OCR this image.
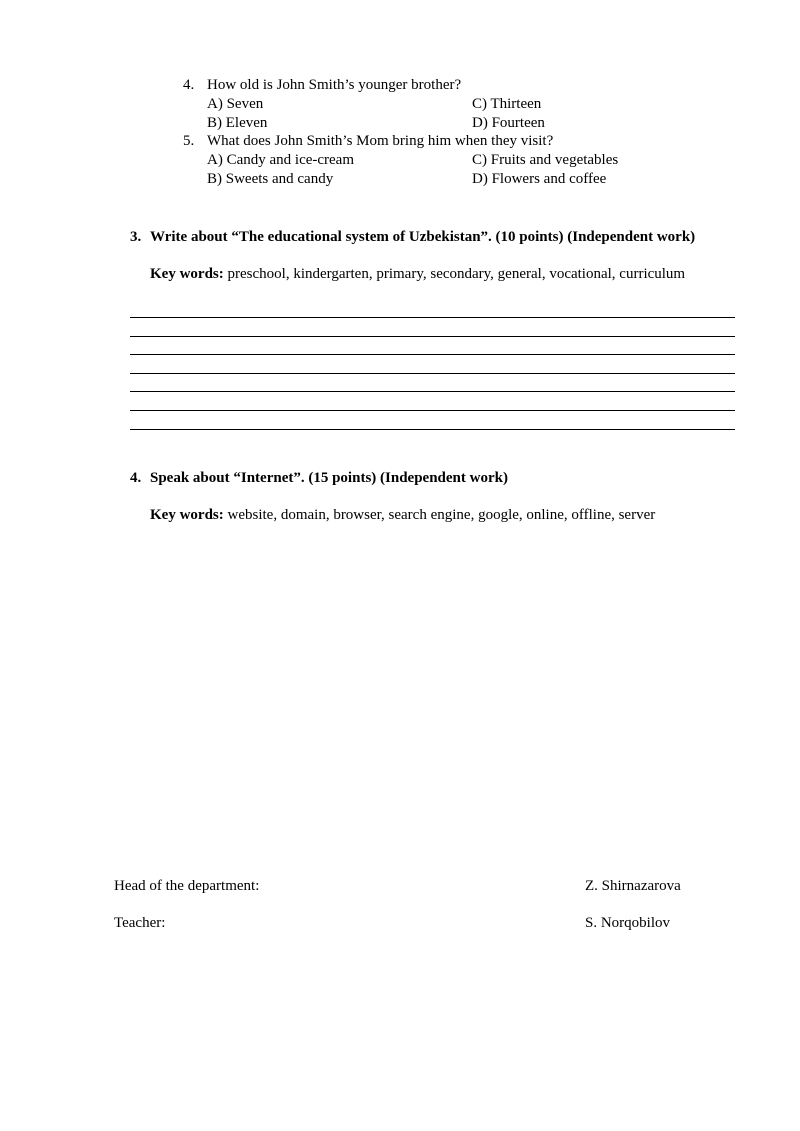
4. How old is John Smith’s younger brother?
A) Seven	C) Thirteen
B) Eleven	D) Fourteen
5. What does John Smith’s Mom bring him when they visit?
A) Candy and ice-cream	C) Fruits and vegetables
B) Sweets and candy	D) Flowers and coffee
3. Write about “The educational system of Uzbekistan”. (10 points) (Independent work)
Key words: preschool, kindergarten, primary, secondary, general, vocational, curriculum
4. Speak about “Internet”. (15 points) (Independent work)
Key words: website, domain, browser, search engine, google, online, offline, server
Head of the department:	Z. Shirnazarova
Teacher:	S. Norqobilov
